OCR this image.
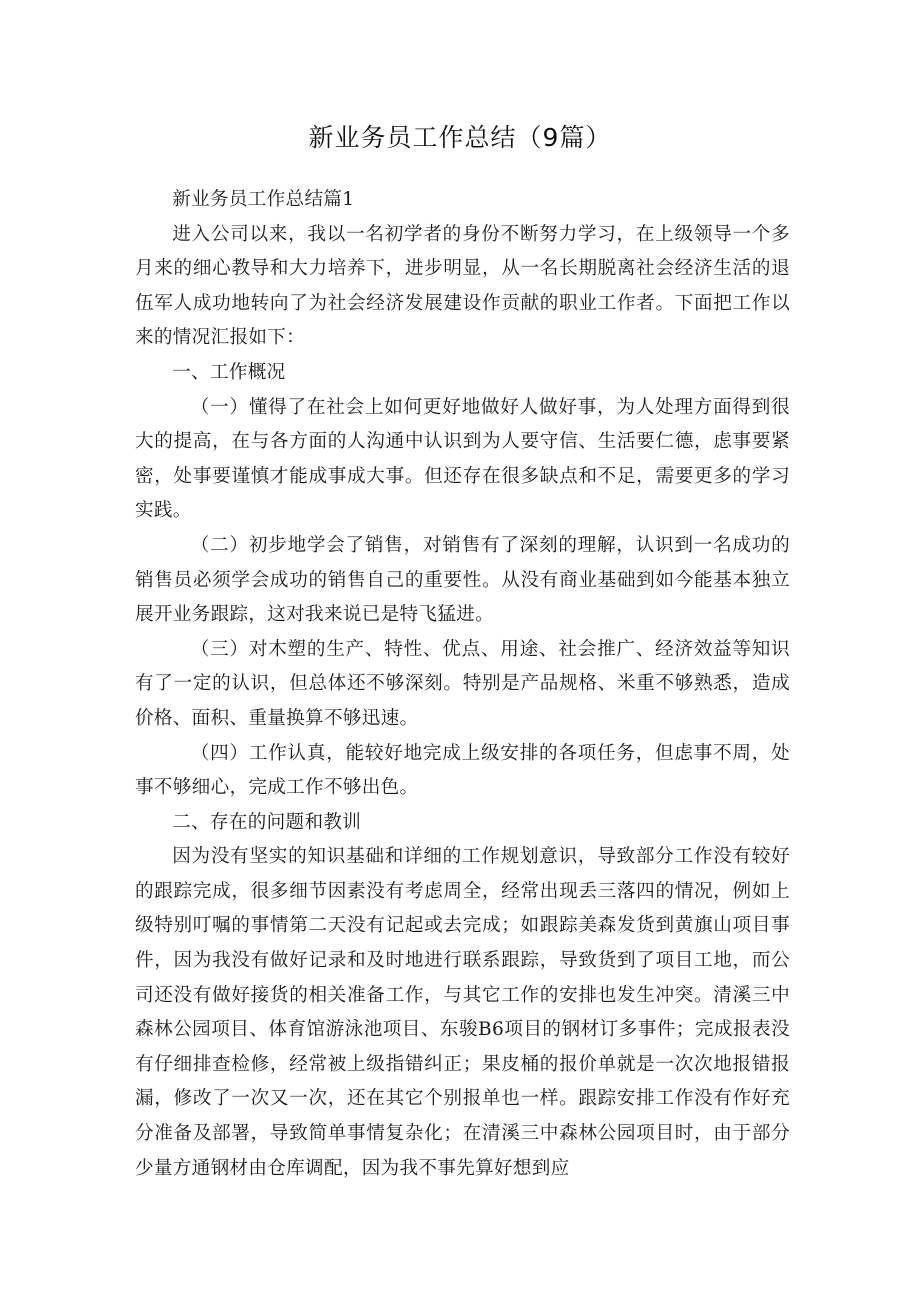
新业务员工作总结（9篇）

新业务员工作总结篇1

进入公司以来，我以一名初学者的身份不断努力学习，在上级领导一个多月来的细心教导和大力培养下，进步明显，从一名长期脱离社会经济生活的退伍军人成功地转向了为社会经济发展建设作贡献的职业工作者。下面把工作以来的情况汇报如下：

一、工作概况

（一）懂得了在社会上如何更好地做好人做好事，为人处理方面得到很大的提高，在与各方面的人沟通中认识到为人要守信、生活要仁德，虑事要紧密，处事要谨慎才能成事成大事。但还存在很多缺点和不足，需要更多的学习实践。

（二）初步地学会了销售，对销售有了深刻的理解，认识到一名成功的销售员必须学会成功的销售自己的重要性。从没有商业基础到如今能基本独立展开业务跟踪，这对我来说已是特飞猛进。

（三）对木塑的生产、特性、优点、用途、社会推广、经济效益等知识有了一定的认识，但总体还不够深刻。特别是产品规格、米重不够熟悉，造成价格、面积、重量换算不够迅速。

（四）工作认真，能较好地完成上级安排的各项任务，但虑事不周，处事不够细心，完成工作不够出色。

二、存在的问题和教训

因为没有坚实的知识基础和详细的工作规划意识，导致部分工作没有较好的跟踪完成，很多细节因素没有考虑周全，经常出现丢三落四的情况，例如上级特别叮嘱的事情第二天没有记起或去完成；如跟踪美森发货到黄旗山项目事件，因为我没有做好记录和及时地进行联系跟踪，导致货到了项目工地，而公司还没有做好接货的相关准备工作，与其它工作的安排也发生冲突。清溪三中森林公园项目、体育馆游泳池项目、东骏B6项目的钢材订多事件；完成报表没有仔细排查检修，经常被上级指错纠正；果皮桶的报价单就是一次次地报错报漏，修改了一次又一次，还在其它个别报单也一样。跟踪安排工作没有作好充分准备及部署，导致简单事情复杂化；在清溪三中森林公园项目时，由于部分少量方通钢材由仓库调配，因为我不事先算好想到应
